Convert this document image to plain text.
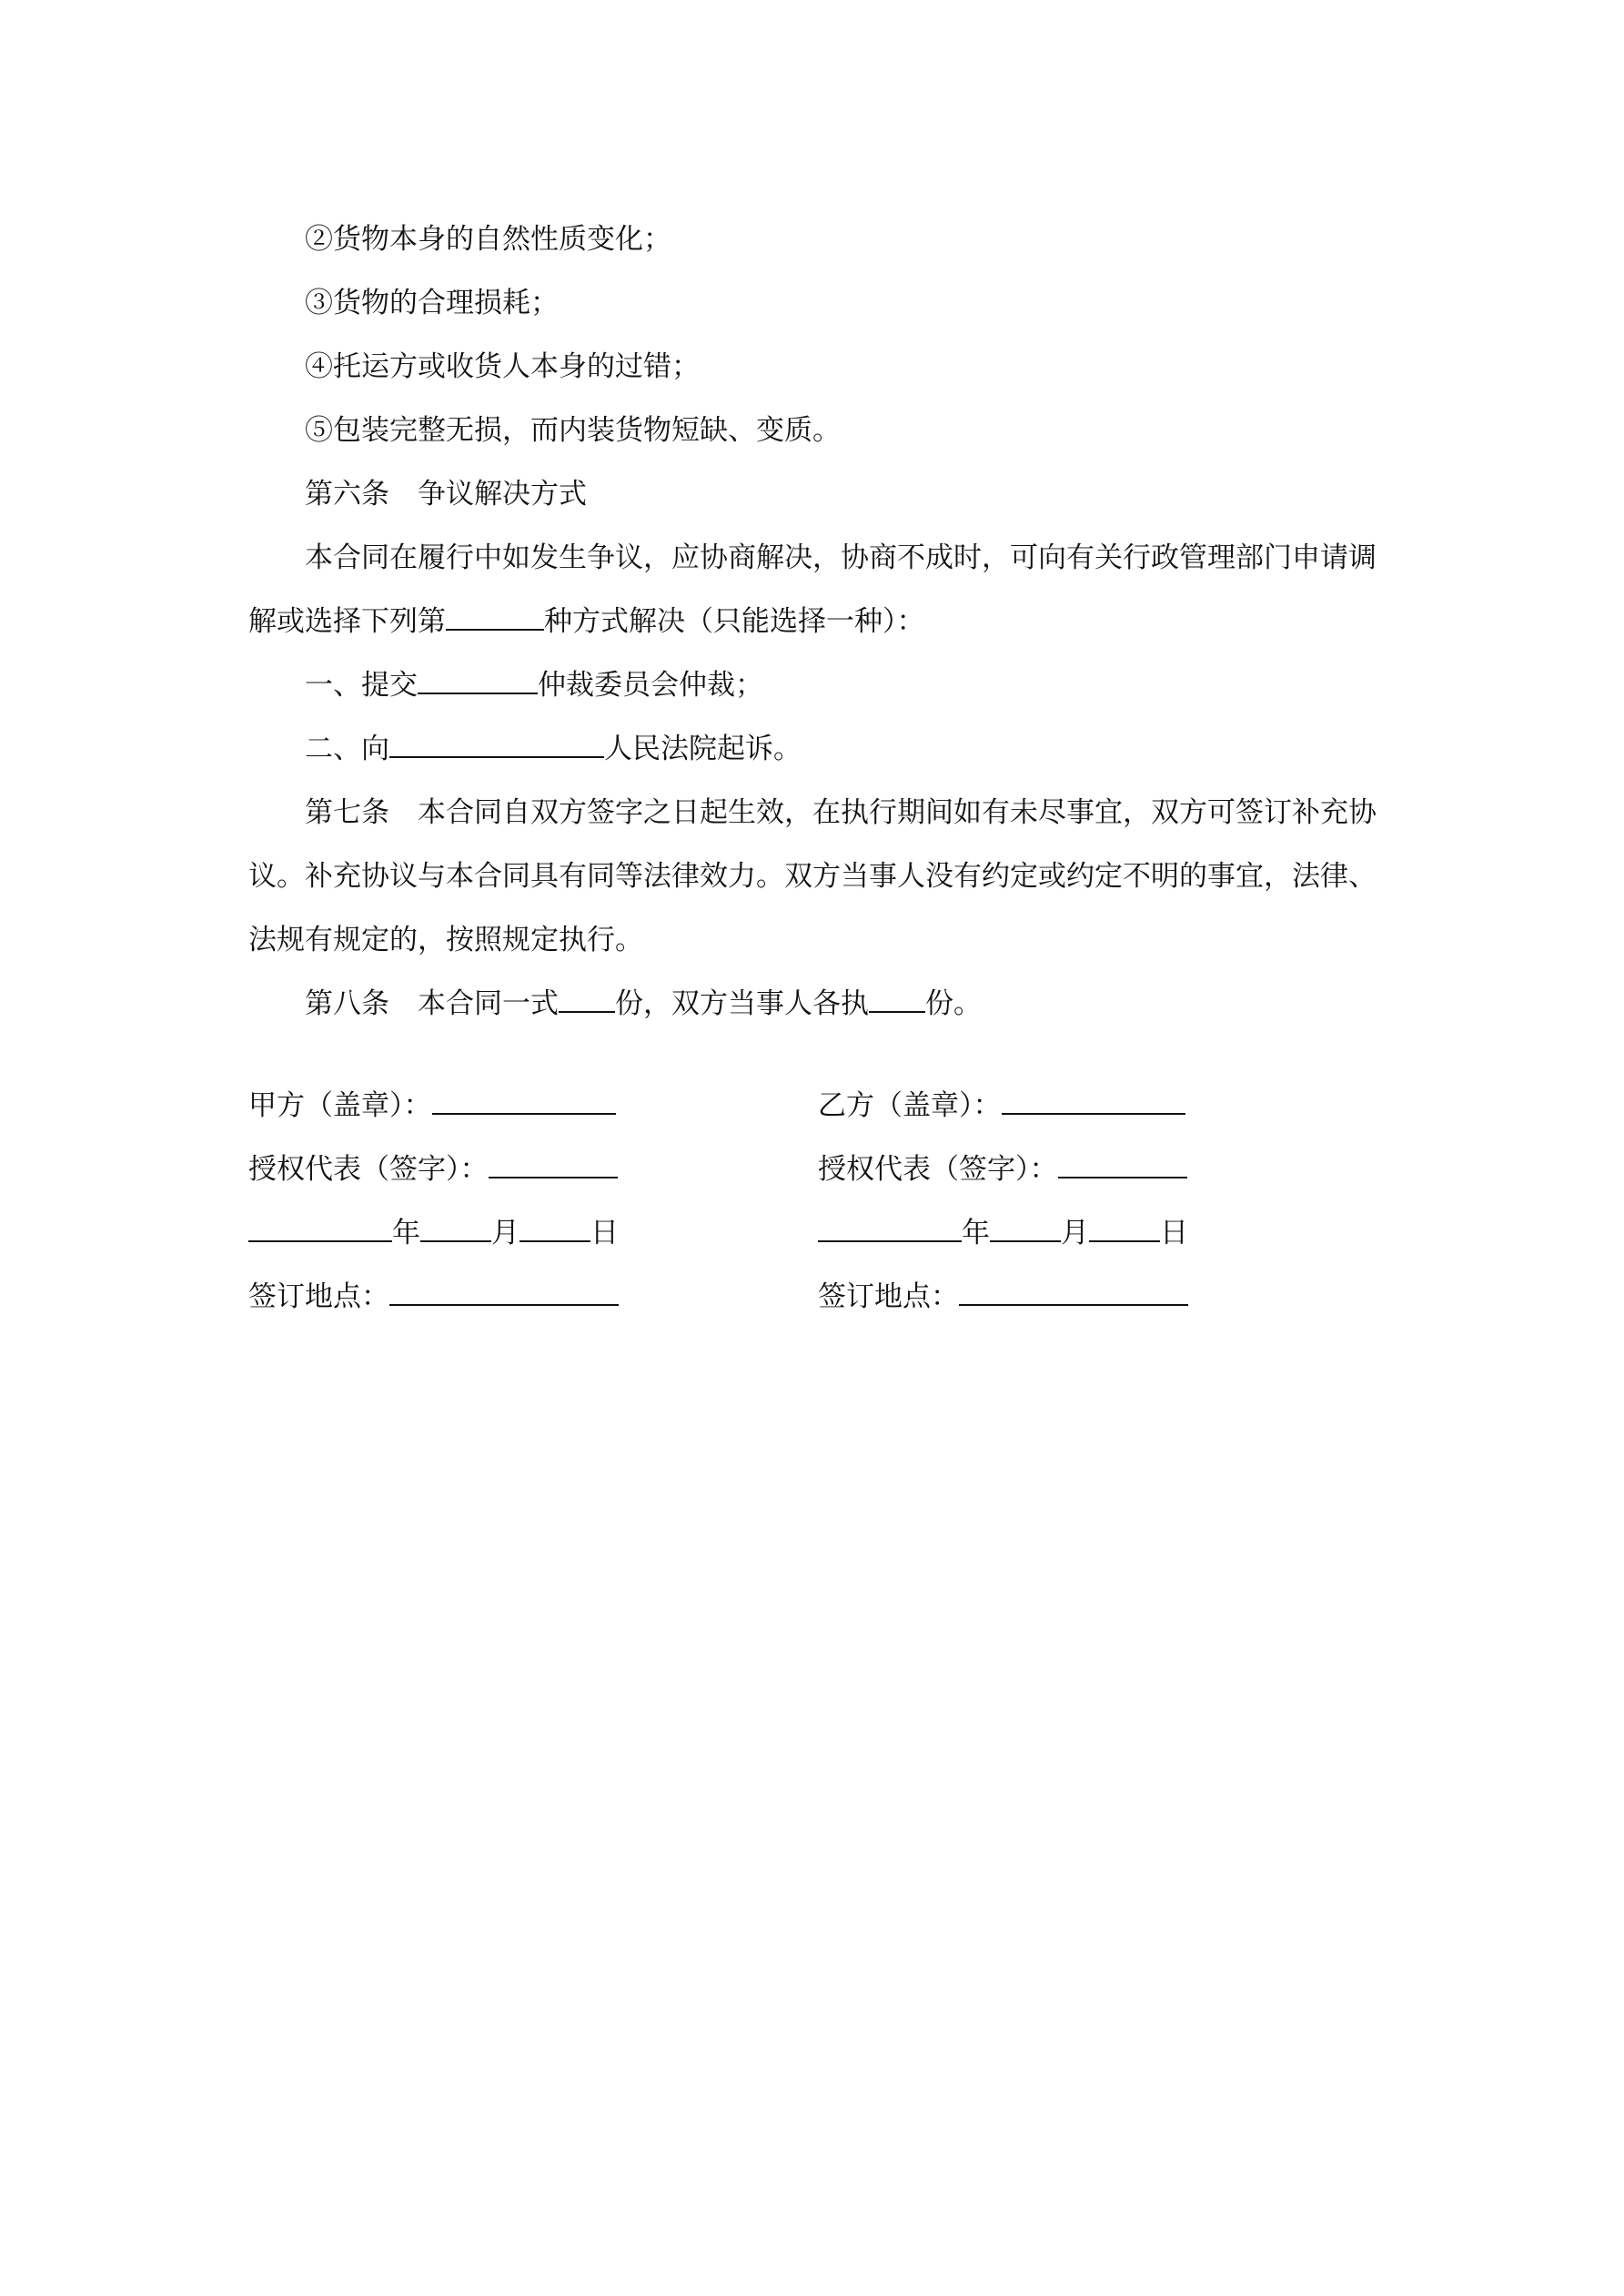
②货物本身的自然性质变化；
③货物的合理损耗；
④托运方或收货人本身的过错；
⑤包装完整无损，而内装货物短缺、变质。
第六条　争议解决方式
本合同在履行中如发生争议，应协商解决，协商不成时，可向有关行政管理部门申请调
解或选择下列第	种方式解决（只能选择一种）：
一、提交	仲裁委员会仲裁；
二、向	人民法院起诉。
第七条　本合同自双方签字之日起生效，在执行期间如有未尽事宜，双方可签订补充协
议。补充协议与本合同具有同等法律效力。双方当事人没有约定或约定不明的事宜，法律、
法规有规定的，按照规定执行。
第八条　本合同一式 份，双方当事人各执 份。
甲方（盖章）：
授权代表（签字）：
年	月	日
签订地点：
乙方（盖章）：
授权代表（签字）：
年	月	日
签订地点：
